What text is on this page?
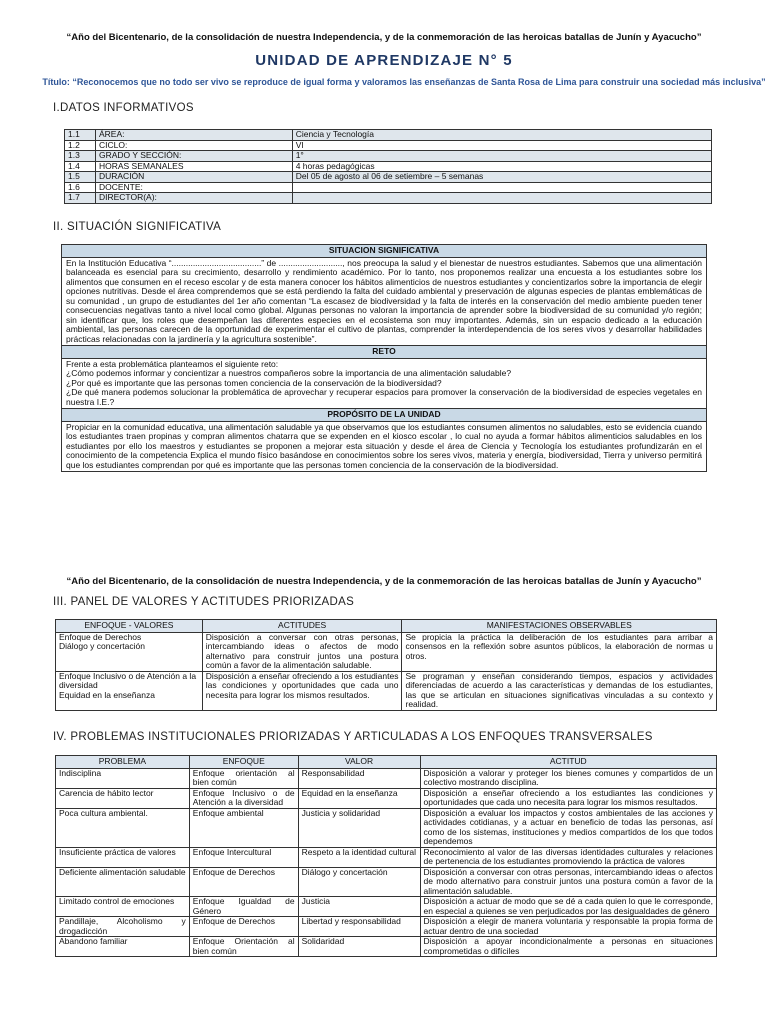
“Año del Bicentenario, de la consolidación de nuestra Independencia, y de la conmemoración de las heroicas batallas de Junín y Ayacucho”
UNIDAD DE APRENDIZAJE N° 5
Título: “Reconocemos que no todo ser vivo se reproduce de igual forma y valoramos las enseñanzas de Santa Rosa de Lima para construir una sociedad más inclusiva”
I.DATOS INFORMATIVOS
1.1	ÁREA:	Ciencia y Tecnología
1.2	CICLO:	VI
1.3	GRADO Y SECCIÓN:	1°
1.4	HORAS SEMANALES	4 horas pedagógicas
1.5	DURACIÓN	Del 05 de agosto al 06 de setiembre – 5 semanas
1.6	DOCENTE:	
1.7	DIRECTOR(A):	
II. SITUACIÓN SIGNIFICATIVA
SITUACION SIGNIFICATIVA
En la Institución Educativa “......................................” de ..........................., nos preocupa la salud y el bienestar de nuestros estudiantes. Sabemos que una alimentación balanceada es esencial para su crecimiento, desarrollo y rendimiento académico. Por lo tanto, nos proponemos realizar una encuesta a los estudiantes sobre los alimentos que consumen en el receso escolar y de esta manera conocer los hábitos alimenticios de nuestros estudiantes y concientizarlos sobre la importancia de elegir opciones nutritivas. Desde el área comprendemos que se está perdiendo la falta del cuidado ambiental y preservación de algunas especies de plantas emblemáticas de su comunidad , un grupo de estudiantes del 1er año comentan “La escasez de biodiversidad y la falta de interés en la conservación del medio ambiente pueden tener consecuencias negativas tanto a nivel local como global. Algunas personas no valoran la importancia de aprender sobre la biodiversidad de su comunidad y/o región; sin identificar que, los roles que desempeñan las diferentes especies en el ecosistema son muy importantes. Además, sin un espacio dedicado a la educación ambiental, las personas carecen de la oportunidad de experimentar el cultivo de plantas, comprender la interdependencia de los seres vivos y desarrollar habilidades prácticas relacionadas con la jardinería y la agricultura sostenible”.
RETO

Frente a esta problemática planteamos el siguiente reto:
¿Cómo podemos informar y concientizar a nuestros compañeros sobre la importancia de una alimentación saludable?
¿Por qué es importante que las personas tomen conciencia de la conservación de la biodiversidad?
¿De qué manera podemos solucionar la problemática de aprovechar y recuperar espacios para promover la conservación de la biodiversidad de especies vegetales en nuestra I.E.?

PROPÓSITO DE LA UNIDAD
Propiciar en la comunidad educativa, una alimentación saludable ya que observamos que los estudiantes consumen alimentos no saludables, esto se evidencia cuando los estudiantes traen propinas y compran alimentos chatarra que se expenden en el kiosco escolar , lo cual no ayuda a formar hábitos alimenticios saludables en los estudiantes por ello los maestros y estudiantes se proponen a mejorar esta situación y desde el área de Ciencia y Tecnología los estudiantes profundizarán en el conocimiento de la competencia Explica el mundo físico basándose en conocimientos sobre los seres vivos, materia y energía, biodiversidad, Tierra y universo permitirá que los estudiantes comprendan por qué es importante que las personas tomen conciencia de la conservación de la biodiversidad.
“Año del Bicentenario, de la consolidación de nuestra Independencia, y de la conmemoración de las heroicas batallas de Junín y Ayacucho”
III. PANEL DE VALORES Y ACTITUDES PRIORIZADAS
ENFOQUE - VALORES	ACTITUDES	MANIFESTACIONES OBSERVABLES

Enfoque de Derechos
Diálogo y concertación	Disposición a conversar con otras personas, intercambiando ideas o afectos de modo alternativo para construir juntos una postura común a favor de la alimentación saludable.	Se propicia la práctica la deliberación de los estudiantes para arribar a consensos en la reflexión sobre asuntos públicos, la elaboración de normas u otros.

Enfoque Inclusivo o de Atención a la diversidad
Equidad en la enseñanza	Disposición a enseñar ofreciendo a los estudiantes las condiciones y oportunidades que cada uno necesita para lograr los mismos resultados.	Se programan y enseñan considerando tiempos, espacios y actividades diferenciadas de acuerdo a las características y demandas de los estudiantes, las que se articulan en situaciones significativas vinculadas a su contexto y realidad.
IV. PROBLEMAS INSTITUCIONALES PRIORIZADAS Y ARTICULADAS A LOS ENFOQUES TRANSVERSALES
PROBLEMA	ENFOQUE	VALOR	ACTITUD
Indisciplina	Enfoque orientación al bien común	Responsabilidad	Disposición a valorar y proteger los bienes comunes y compartidos de un colectivo mostrando disciplina.
Carencia de hábito lector	Enfoque Inclusivo o de Atención a la diversidad	Equidad en la enseñanza	Disposición a enseñar ofreciendo a los estudiantes las condiciones y oportunidades que cada uno necesita para lograr los mismos resultados.
Poca cultura ambiental.	Enfoque ambiental	Justicia y solidaridad	Disposición a evaluar los impactos y costos ambientales de las acciones y actividades cotidianas, y a actuar en beneficio de todas las personas, así como de los sistemas, instituciones y medios compartidos de los que todos dependemos
Insuficiente práctica de valores	Enfoque Intercultural	Respeto a la identidad cultural	Reconocimiento al valor de las diversas identidades culturales y relaciones de pertenencia de los estudiantes promoviendo la práctica de valores
Deficiente alimentación saludable	Enfoque de Derechos	Diálogo y concertación	Disposición a conversar con otras personas, intercambiando ideas o afectos de modo alternativo para construir juntos una postura común a favor de la alimentación saludable.
Limitado control de emociones	Enfoque Igualdad de Género	Justicia	Disposición a actuar de modo que se dé a cada quien lo que le corresponde, en especial a quienes se ven perjudicados por las desigualdades de género
Pandillaje, Alcoholismo y drogadicción	Enfoque de Derechos	Libertad y responsabilidad	Disposición a elegir de manera voluntaria y responsable la propia forma de actuar dentro de una sociedad
Abandono familiar	Enfoque Orientación al bien común	Solidaridad	Disposición a apoyar incondicionalmente a personas en situaciones comprometidas o difíciles
